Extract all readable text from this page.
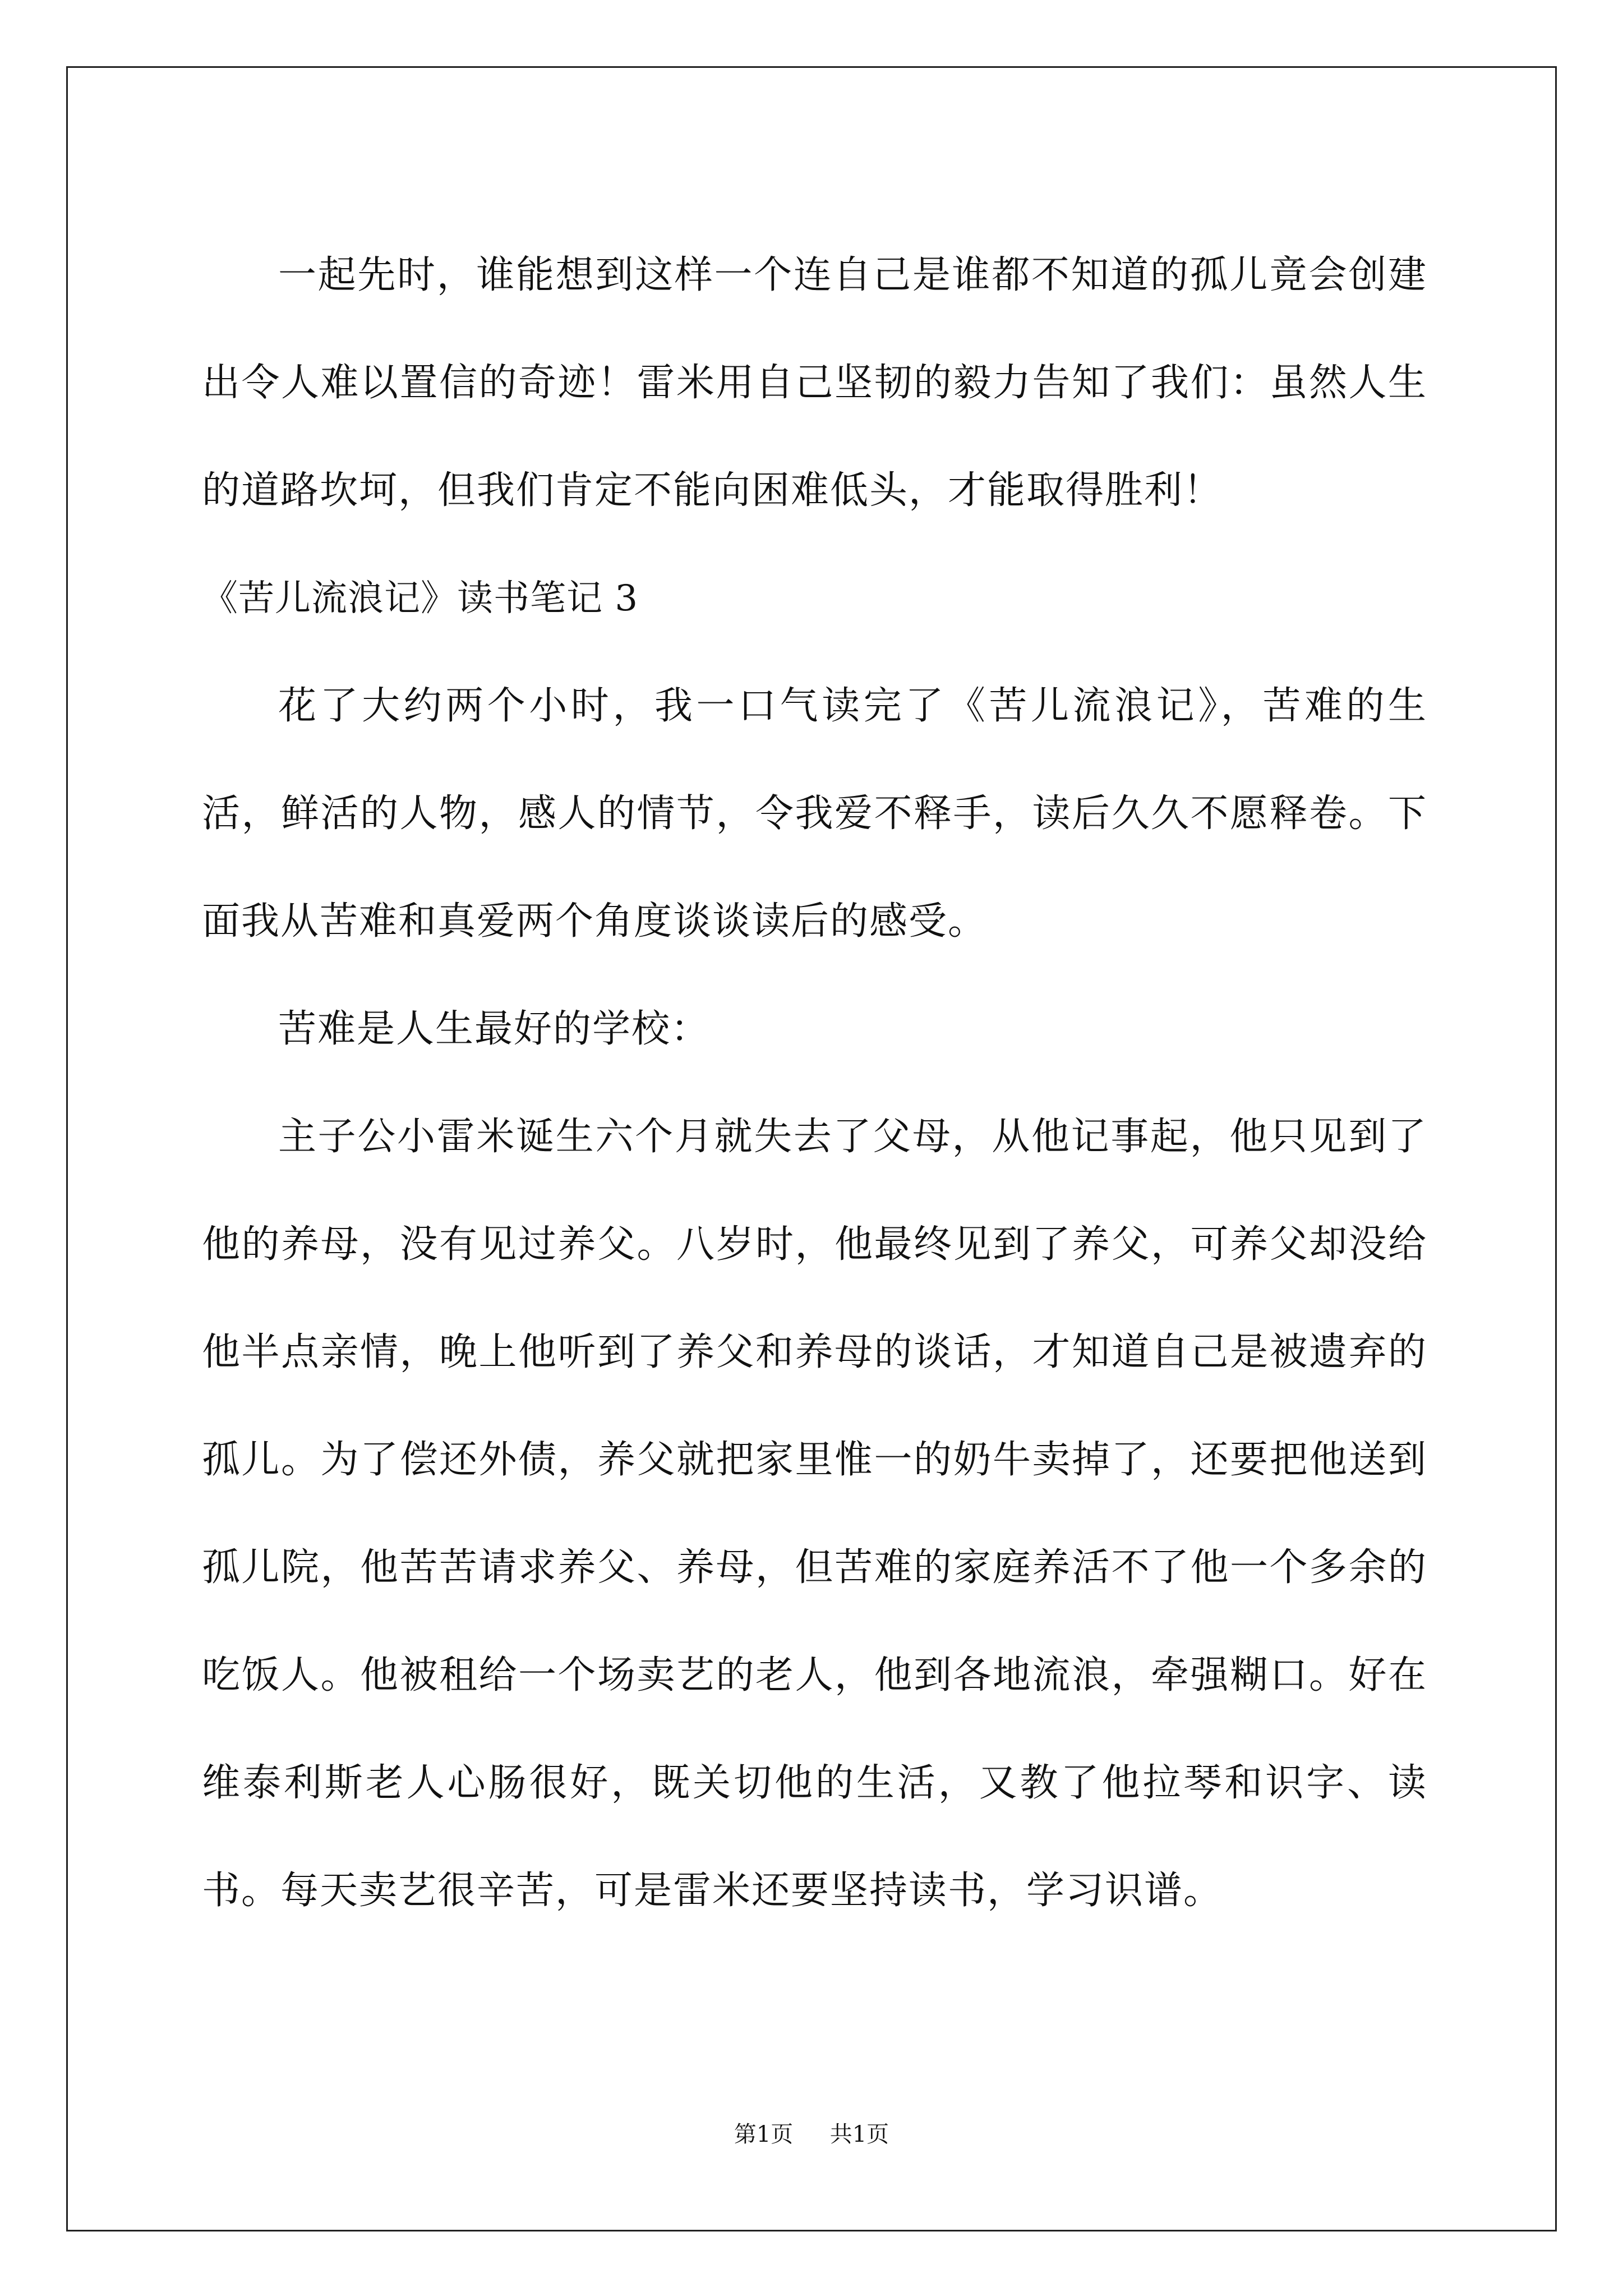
一起先时，谁能想到这样一个连自己是谁都不知道的孤儿竟会创建出令人难以置信的奇迹！雷米用自己坚韧的毅力告知了我们：虽然人生的道路坎坷，但我们肯定不能向困难低头，才能取得胜利！

《苦儿流浪记》读书笔记 3

花了大约两个小时，我一口气读完了《苦儿流浪记》，苦难的生活，鲜活的人物，感人的情节，令我爱不释手，读后久久不愿释卷。下面我从苦难和真爱两个角度谈谈读后的感受。

苦难是人生最好的学校：

主子公小雷米诞生六个月就失去了父母，从他记事起，他只见到了他的养母，没有见过养父。八岁时，他最终见到了养父，可养父却没给他半点亲情，晚上他听到了养父和养母的谈话，才知道自己是被遗弃的孤儿。为了偿还外债，养父就把家里惟一的奶牛卖掉了，还要把他送到孤儿院，他苦苦请求养父、养母，但苦难的家庭养活不了他一个多余的吃饭人。他被租给一个场卖艺的老人，他到各地流浪，牵强糊口。好在维泰利斯老人心肠很好，既关切他的生活，又教了他拉琴和识字、读书。每天卖艺很辛苦，可是雷米还要坚持读书，学习识谱。

第1页 共1页
